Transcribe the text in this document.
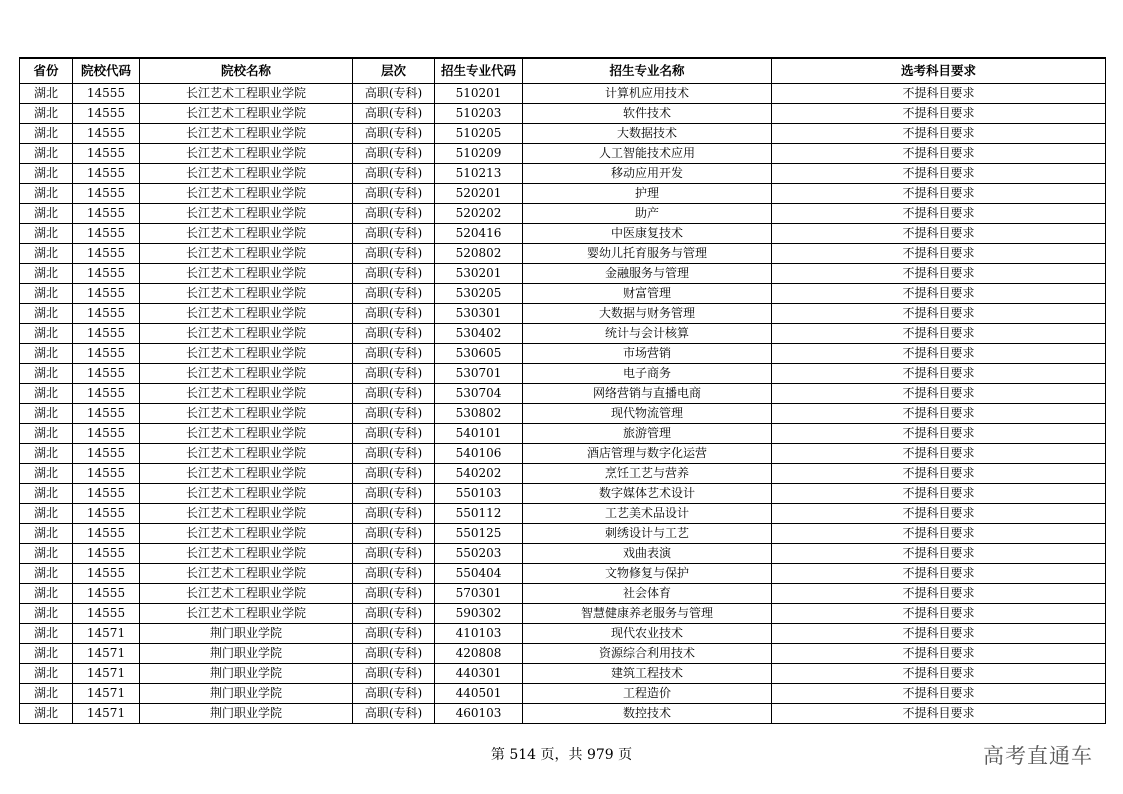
省份	院校代码	院校名称	层次	招生专业代码	招生专业名称	选考科目要求
湖北	14555	长江艺术工程职业学院	高职(专科)	510201	计算机应用技术	不提科目要求
湖北	14555	长江艺术工程职业学院	高职(专科)	510203	软件技术	不提科目要求
湖北	14555	长江艺术工程职业学院	高职(专科)	510205	大数据技术	不提科目要求
湖北	14555	长江艺术工程职业学院	高职(专科)	510209	人工智能技术应用	不提科目要求
湖北	14555	长江艺术工程职业学院	高职(专科)	510213	移动应用开发	不提科目要求
湖北	14555	长江艺术工程职业学院	高职(专科)	520201	护理	不提科目要求
湖北	14555	长江艺术工程职业学院	高职(专科)	520202	助产	不提科目要求
湖北	14555	长江艺术工程职业学院	高职(专科)	520416	中医康复技术	不提科目要求
湖北	14555	长江艺术工程职业学院	高职(专科)	520802	婴幼儿托育服务与管理	不提科目要求
湖北	14555	长江艺术工程职业学院	高职(专科)	530201	金融服务与管理	不提科目要求
湖北	14555	长江艺术工程职业学院	高职(专科)	530205	财富管理	不提科目要求
湖北	14555	长江艺术工程职业学院	高职(专科)	530301	大数据与财务管理	不提科目要求
湖北	14555	长江艺术工程职业学院	高职(专科)	530402	统计与会计核算	不提科目要求
湖北	14555	长江艺术工程职业学院	高职(专科)	530605	市场营销	不提科目要求
湖北	14555	长江艺术工程职业学院	高职(专科)	530701	电子商务	不提科目要求
湖北	14555	长江艺术工程职业学院	高职(专科)	530704	网络营销与直播电商	不提科目要求
湖北	14555	长江艺术工程职业学院	高职(专科)	530802	现代物流管理	不提科目要求
湖北	14555	长江艺术工程职业学院	高职(专科)	540101	旅游管理	不提科目要求
湖北	14555	长江艺术工程职业学院	高职(专科)	540106	酒店管理与数字化运营	不提科目要求
湖北	14555	长江艺术工程职业学院	高职(专科)	540202	烹饪工艺与营养	不提科目要求
湖北	14555	长江艺术工程职业学院	高职(专科)	550103	数字媒体艺术设计	不提科目要求
湖北	14555	长江艺术工程职业学院	高职(专科)	550112	工艺美术品设计	不提科目要求
湖北	14555	长江艺术工程职业学院	高职(专科)	550125	刺绣设计与工艺	不提科目要求
湖北	14555	长江艺术工程职业学院	高职(专科)	550203	戏曲表演	不提科目要求
湖北	14555	长江艺术工程职业学院	高职(专科)	550404	文物修复与保护	不提科目要求
湖北	14555	长江艺术工程职业学院	高职(专科)	570301	社会体育	不提科目要求
湖北	14555	长江艺术工程职业学院	高职(专科)	590302	智慧健康养老服务与管理	不提科目要求
湖北	14571	荆门职业学院	高职(专科)	410103	现代农业技术	不提科目要求
湖北	14571	荆门职业学院	高职(专科)	420808	资源综合利用技术	不提科目要求
湖北	14571	荆门职业学院	高职(专科)	440301	建筑工程技术	不提科目要求
湖北	14571	荆门职业学院	高职(专科)	440501	工程造价	不提科目要求
湖北	14571	荆门职业学院	高职(专科)	460103	数控技术	不提科目要求
第 514 页，共 979 页	高考直通车
